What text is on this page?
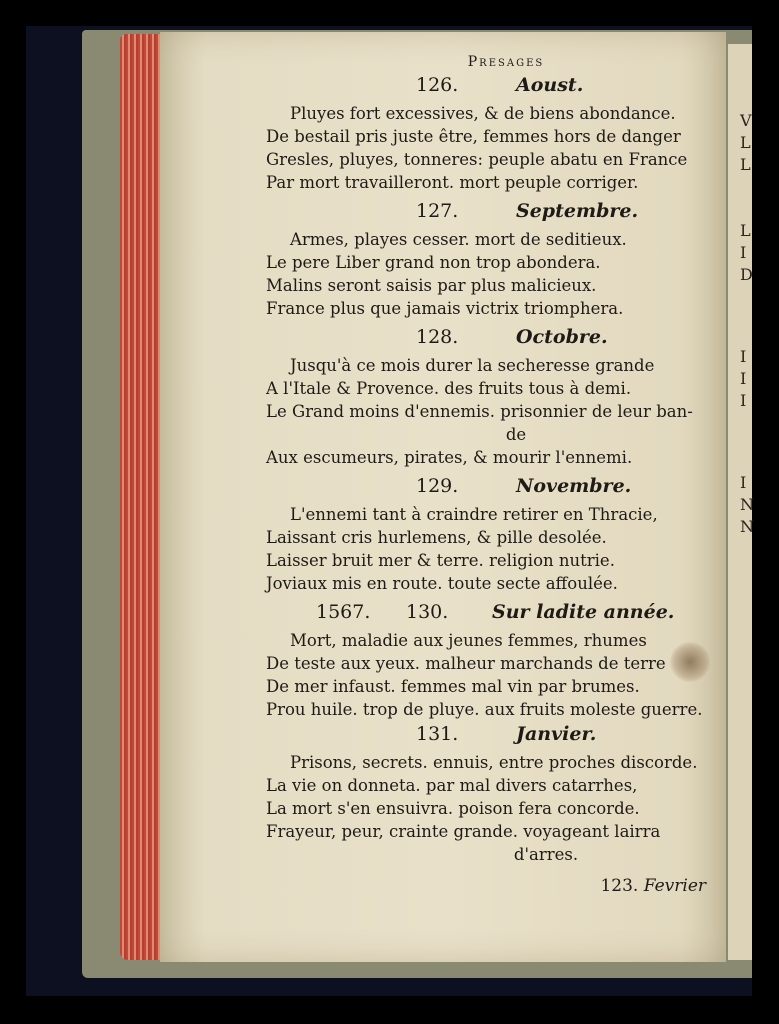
V
L
L
L
I
D
I
I
I
I
N
N
Presages
126.	Aoust.
Pluyes fort excessives, & de biens abondance.
De bestail pris juste être, femmes hors de danger
Gresles, pluyes, tonneres: peuple abatu en France
Par mort travailleront. mort peuple corriger.
127.	Septembre.
Armes, playes cesser. mort de seditieux.
Le pere Liber grand non trop abondera.
Malins seront saisis par plus malicieux.
France plus que jamais victrix triomphera.
128.	Octobre.
Jusqu'à ce mois durer la secheresse grande
A l'Itale & Provence. des fruits tous à demi.
Le Grand moins d'ennemis. prisonnier de leur ban-
de
Aux escumeurs, pirates, & mourir l'ennemi.
129.	Novembre.
L'ennemi tant à craindre retirer en Thracie,
Laissant cris hurlemens, & pille desolée.
Laisser bruit mer & terre. religion nutrie.
Joviaux mis en route. toute secte affoulée.
1567. 130. Sur ladite année.
Mort, maladie aux jeunes femmes, rhumes
De teste aux yeux. malheur marchands de terre
De mer infaust. femmes mal vin par brumes.
Prou huile. trop de pluye. aux fruits moleste guerre.
131.	Janvier.
Prisons, secrets. ennuis, entre proches discorde.
La vie on donneta. par mal divers catarrhes,
La mort s'en ensuivra. poison fera concorde.
Frayeur, peur, crainte grande. voyageant lairra
d'arres.
123. Fevrier
